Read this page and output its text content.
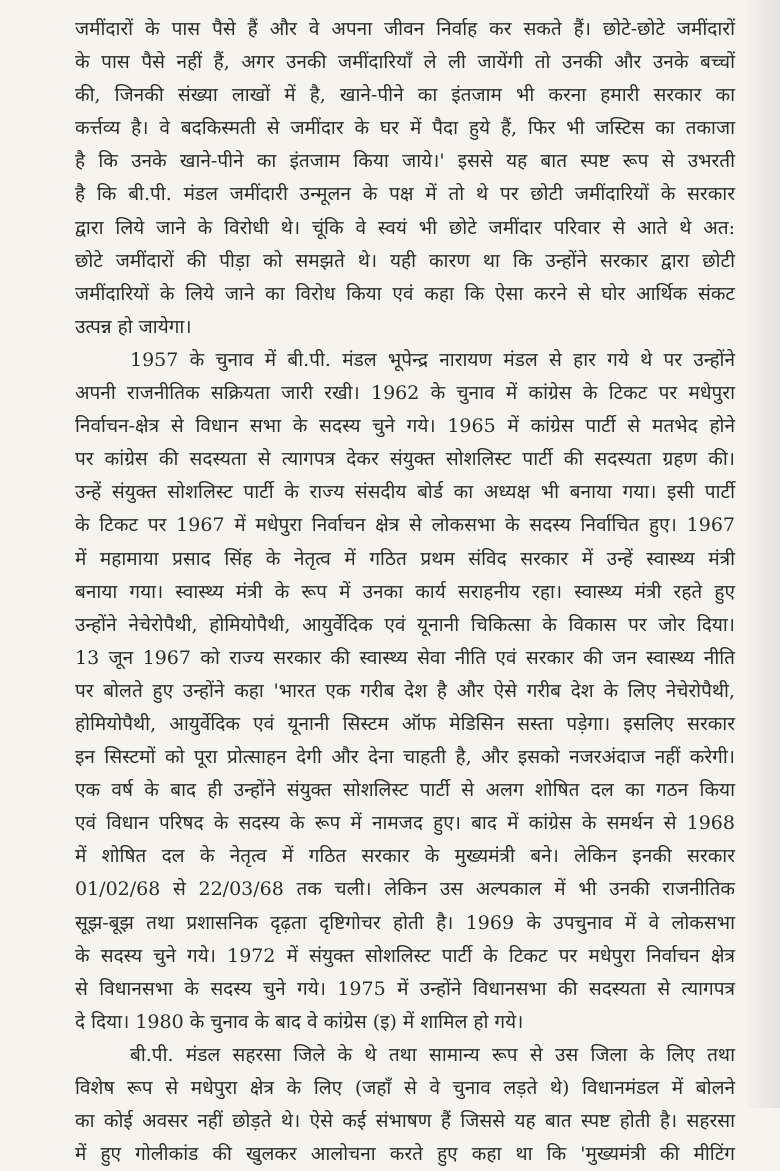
जमींदारों के पास पैसे हैं और वे अपना जीवन निर्वाह कर सकते हैं। छोटे-छोटे जमींदारों
के पास पैसे नहीं हैं, अगर उनकी जमींदारियाँ ले ली जायेंगी तो उनकी और उनके बच्चों
की, जिनकी संख्या लाखों में है, खाने-पीने का इंतजाम भी करना हमारी सरकार का
कर्त्तव्य है। वे बदकिस्मती से जमींदार के घर में पैदा हुये हैं, फिर भी जस्टिस का तकाजा
है कि उनके खाने-पीने का इंतजाम किया जाये।' इससे यह बात स्पष्ट रूप से उभरती
है कि बी.पी. मंडल जमींदारी उन्मूलन के पक्ष में तो थे पर छोटी जमींदारियों के सरकार
द्वारा लिये जाने के विरोधी थे। चूंकि वे स्वयं भी छोटे जमींदार परिवार से आते थे अत:
छोटे जमींदारों की पीड़ा को समझते थे। यही कारण था कि उन्होंने सरकार द्वारा छोटी
जमींदारियों के लिये जाने का विरोध किया एवं कहा कि ऐसा करने से घोर आर्थिक संकट
उत्पन्न हो जायेगा।
1957 के चुनाव में बी.पी. मंडल भूपेन्द्र नारायण मंडल से हार गये थे पर उन्होंने
अपनी राजनीतिक सक्रियता जारी रखी। 1962 के चुनाव में कांग्रेस के टिकट पर मधेपुरा
निर्वाचन-क्षेत्र से विधान सभा के सदस्य चुने गये। 1965 में कांग्रेस पार्टी से मतभेद होने
पर कांग्रेस की सदस्यता से त्यागपत्र देकर संयुक्त सोशलिस्ट पार्टी की सदस्यता ग्रहण की।
उन्हें संयुक्त सोशलिस्ट पार्टी के राज्य संसदीय बोर्ड का अध्यक्ष भी बनाया गया। इसी पार्टी
के टिकट पर 1967 में मधेपुरा निर्वाचन क्षेत्र से लोकसभा के सदस्य निर्वाचित हुए। 1967
में महामाया प्रसाद सिंह के नेतृत्व में गठित प्रथम संविद सरकार में उन्हें स्वास्थ्य मंत्री
बनाया गया। स्वास्थ्य मंत्री के रूप में उनका कार्य सराहनीय रहा। स्वास्थ्य मंत्री रहते हुए
उन्होंने नेचेरोपैथी, होमियोपैथी, आयुर्वेदिक एवं यूनानी चिकित्सा के विकास पर जोर दिया।
13 जून 1967 को राज्य सरकार की स्वास्थ्य सेवा नीति एवं सरकार की जन स्वास्थ्य नीति
पर बोलते हुए उन्होंने कहा 'भारत एक गरीब देश है और ऐसे गरीब देश के लिए नेचेरोपैथी,
होमियोपैथी, आयुर्वेदिक एवं यूनानी सिस्टम ऑफ मेडिसिन सस्ता पड़ेगा। इसलिए सरकार
इन सिस्टमों को पूरा प्रोत्साहन देगी और देना चाहती है, और इसको नजरअंदाज नहीं करेगी।
एक वर्ष के बाद ही उन्होंने संयुक्त सोशलिस्ट पार्टी से अलग शोषित दल का गठन किया
एवं विधान परिषद के सदस्य के रूप में नामजद हुए। बाद में कांग्रेस के समर्थन से 1968
में शोषित दल के नेतृत्व में गठित सरकार के मुख्यमंत्री बने। लेकिन इनकी सरकार
01/02/68 से 22/03/68 तक चली। लेकिन उस अल्पकाल में भी उनकी राजनीतिक
सूझ-बूझ तथा प्रशासनिक दृढ़ता दृष्टिगोचर होती है। 1969 के उपचुनाव में वे लोकसभा
के सदस्य चुने गये। 1972 में संयुक्त सोशलिस्ट पार्टी के टिकट पर मधेपुरा निर्वाचन क्षेत्र
से विधानसभा के सदस्य चुने गये। 1975 में उन्होंने विधानसभा की सदस्यता से त्यागपत्र
दे दिया। 1980 के चुनाव के बाद वे कांग्रेस (इ) में शामिल हो गये।
बी.पी. मंडल सहरसा जिले के थे तथा सामान्य रूप से उस जिला के लिए तथा
विशेष रूप से मधेपुरा क्षेत्र के लिए (जहाँ से वे चुनाव लड़ते थे) विधानमंडल में बोलने
का कोई अवसर नहीं छोड़ते थे। ऐसे कई संभाषण हैं जिससे यह बात स्पष्ट होती है। सहरसा
में हुए गोलीकांड की खुलकर आलोचना करते हुए कहा था कि 'मुख्यमंत्री की मीटिंग
